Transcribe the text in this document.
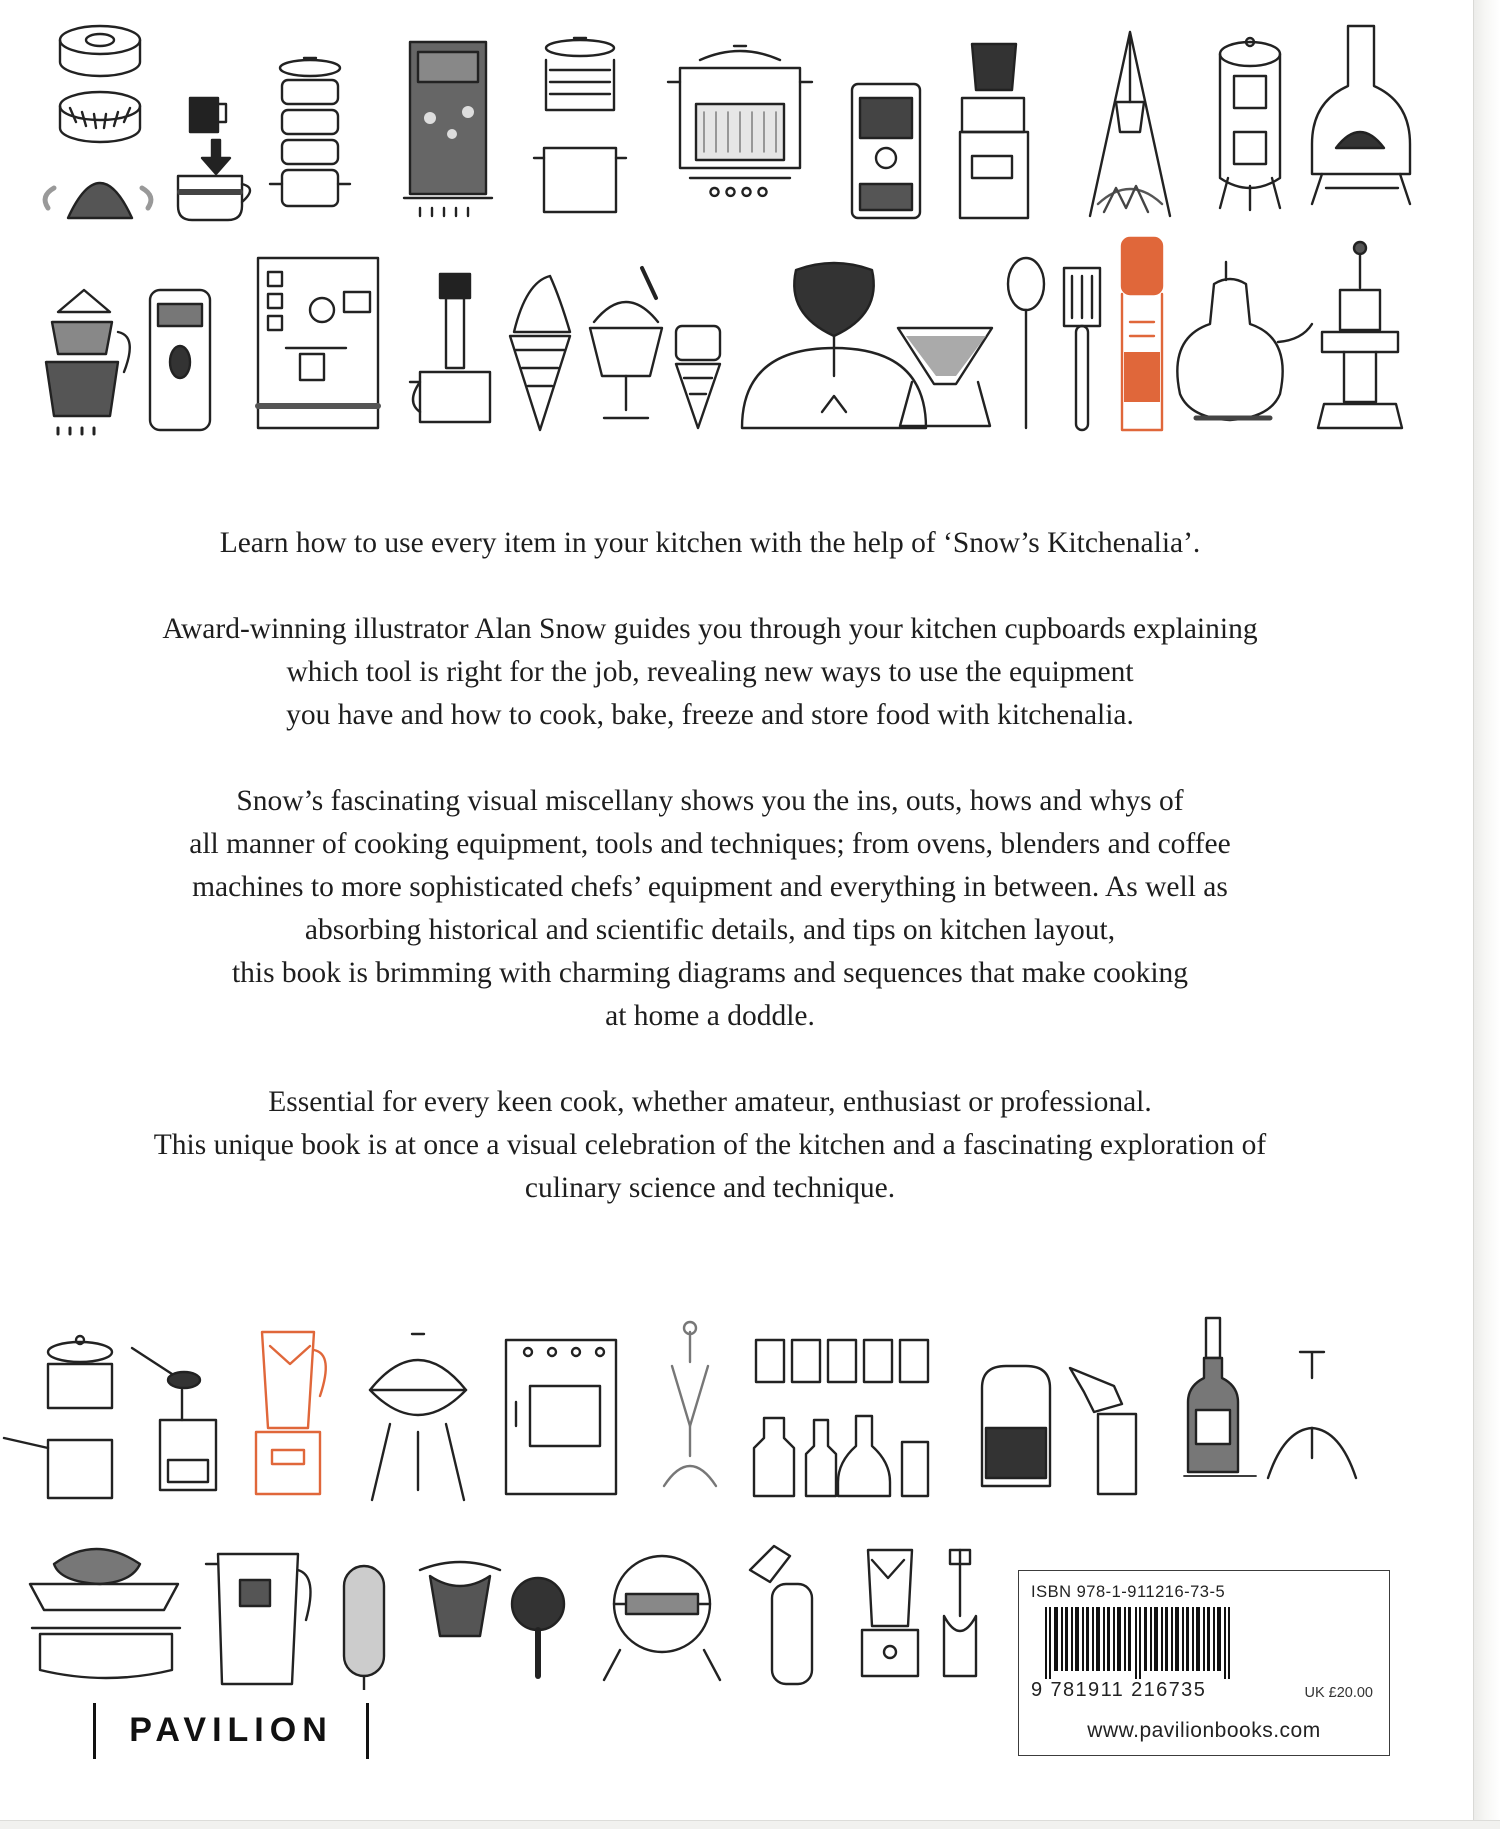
Learn how to use every item in your kitchen with the help of ‘Snow’s Kitchenalia’.

Award-winning illustrator Alan Snow guides you through your kitchen cupboards explaining
which tool is right for the job, revealing new ways to use the equipment
you have and how to cook, bake, freeze and store food with kitchenalia.

Snow’s fascinating visual miscellany shows you the ins, outs, hows and whys of
all manner of cooking equipment, tools and techniques; from ovens, blenders and coffee
machines to more sophisticated chefs’ equipment and everything in between. As well as
absorbing historical and scientific details, and tips on kitchen layout,
this book is brimming with charming diagrams and sequences that make cooking
at home a doddle.

Essential for every keen cook, whether amateur, enthusiast or professional.
This unique book is at once a visual celebration of the kitchen and a fascinating exploration of
culinary science and technique.

PAVILION
ISBN 978-1-911216-73-5
9 781911 216735	UK £20.00
www.pavilionbooks.com
